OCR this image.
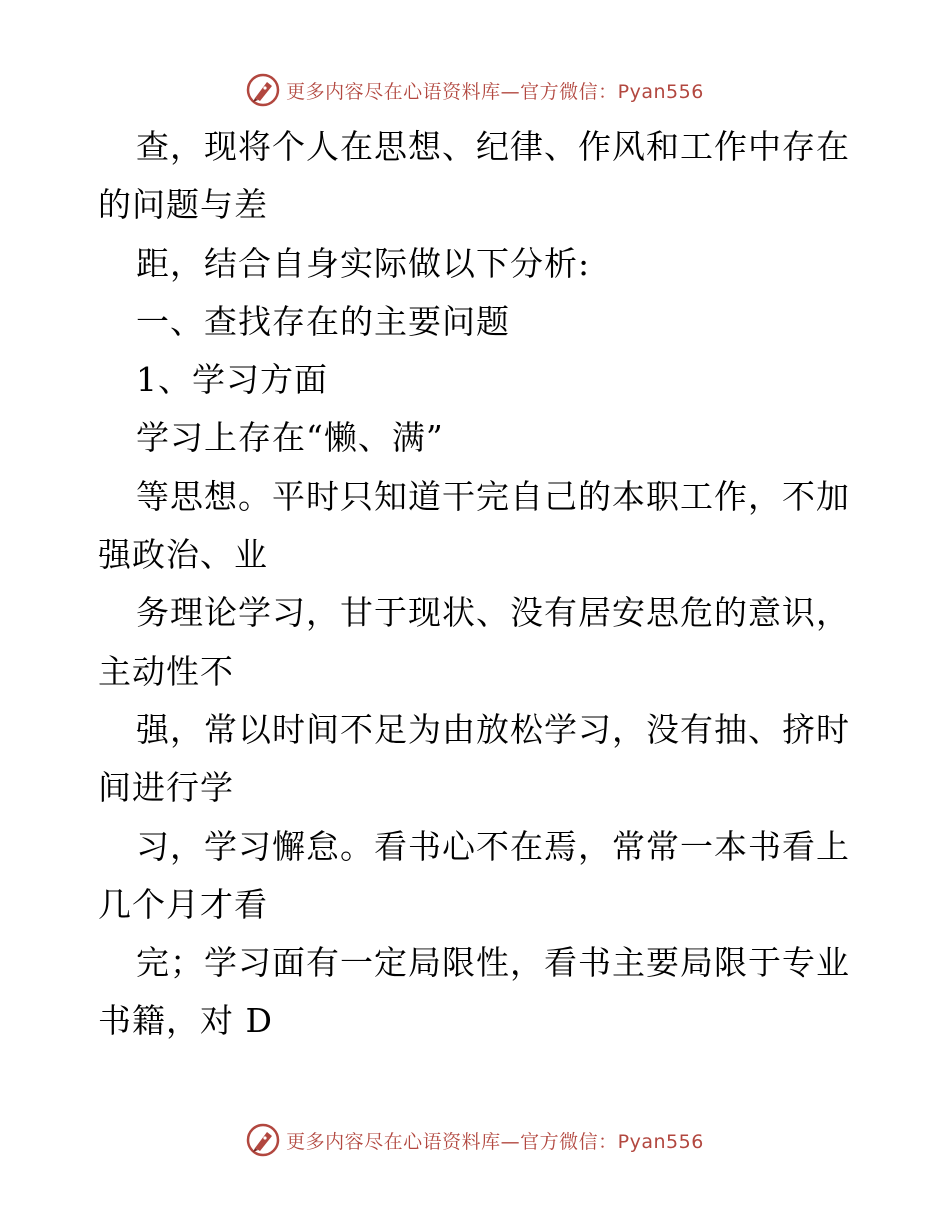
更多内容尽在心语资料库—官方微信：Pyan556
查，现将个人在思想、纪律、作风和工作中存在
的问题与差
距，结合自身实际做以下分析:
一、查找存在的主要问题
1、学习方面
学习上存在“懒、满”
等思想。平时只知道干完自己的本职工作，不加
强政治、业
务理论学习，甘于现状、没有居安思危的意识，
主动性不
强，常以时间不足为由放松学习，没有抽、挤时
间进行学
习，学习懈怠。看书心不在焉，常常一本书看上
几个月才看
完；学习面有一定局限性，看书主要局限于专业
书籍，对 D
更多内容尽在心语资料库—官方微信：Pyan556
